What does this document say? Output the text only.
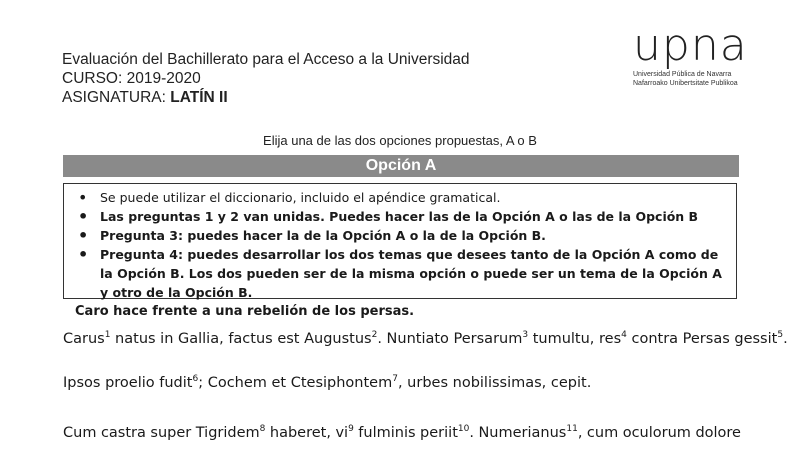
Evaluación del Bachillerato para el Acceso a la Universidad
CURSO: 2019-2020
ASIGNATURA: LATÍN II
upna
Universidad Pública de Navarra
Nafarroako Unibertsitate Publikoa
Elija una de las dos opciones propuestas, A o B
Opción A
• Se puede utilizar el diccionario, incluido el apéndice gramatical.
• Las preguntas 1 y 2 van unidas. Puedes hacer las de la Opción A o las de la Opción B
• Pregunta 3: puedes hacer la de la Opción A o la de la Opción B.
• Pregunta 4: puedes desarrollar los dos temas que desees tanto de la Opción A como de la Opción B. Los dos pueden ser de la misma opción o puede ser un tema de la Opción A y otro de la Opción B.
Caro hace frente a una rebelión de los persas.
Carus$^1$ natus in Gallia, factus est Augustus$^2$. Nuntiato Persarum$^3$ tumultu, res$^4$ contra Persas gessit$^5$.
Ipsos proelio fudit$^6$; Cochem et Ctesiphontem$^7$, urbes nobilissimas, cepit.
Cum castra super Tigridem$^8$ haberet, $vi^9$ fulminis periit$^{10}$. Numerianus$^{11}$, cum oculorum dolore
